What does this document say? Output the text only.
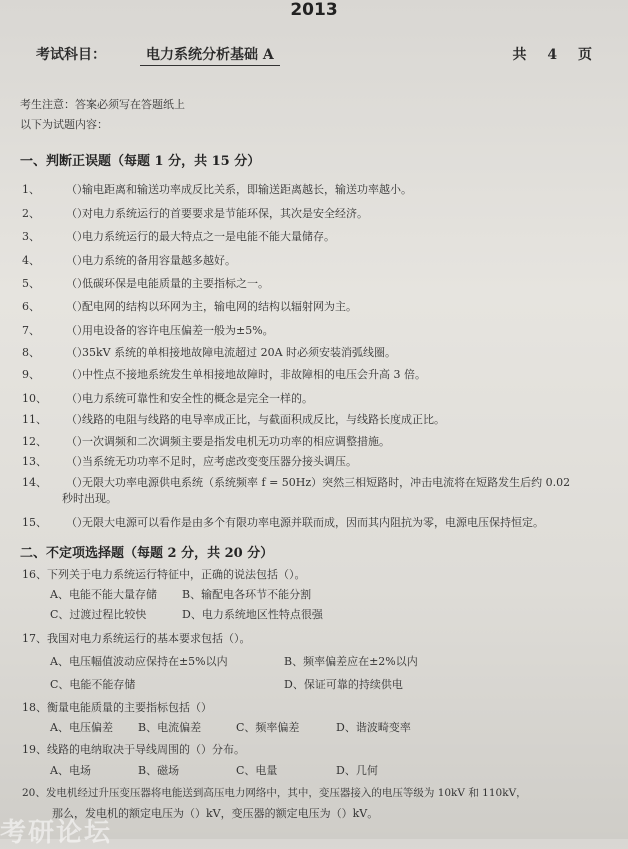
2013
考试科目：	电力系统分析基础 A	共 4 页
考生注意：答案必须写在答题纸上
以下为试题内容：
一、判断正误题（每题 1 分，共 15 分）
1、 （）输电距离和输送功率成反比关系，即输送距离越长，输送功率越小。
2、 （）对电力系统运行的首要要求是节能环保，其次是安全经济。
3、 （）电力系统运行的最大特点之一是电能不能大量储存。
4、 （）电力系统的备用容量越多越好。
5、 （）低碳环保是电能质量的主要指标之一。
6、 （）配电网的结构以环网为主，输电网的结构以辐射网为主。
7、 （）用电设备的容许电压偏差一般为±5%。
8、 （）35kV 系统的单相接地故障电流超过 20A 时必须安装消弧线圈。
9、 （）中性点不接地系统发生单相接地故障时，非故障相的电压会升高 3 倍。
10、 （）电力系统可靠性和安全性的概念是完全一样的。
11、 （）线路的电阻与线路的电导率成正比，与截面积成反比，与线路长度成正比。
12、 （）一次调频和二次调频主要是指发电机无功功率的相应调整措施。
13、 （）当系统无功功率不足时，应考虑改变变压器分接头调压。
14、 （）无限大功率电源供电系统（系统频率 f = 50Hz）突然三相短路时，冲击电流将在短路发生后约 0.02
15、 （）无限大电源可以看作是由多个有限功率电源并联而成，因而其内阻抗为零，电源电压保持恒定。
秒时出现。
二、不定项选择题（每题 2 分，共 20 分）
16、下列关于电力系统运行特征中，正确的说法包括（）。
A、电能不能大量存储 B、输配电各环节不能分割
C、过渡过程比较快	D、电力系统地区性特点很强
17、我国对电力系统运行的基本要求包括（）。
A、电压幅值波动应保持在±5%以内	B、频率偏差应在±2%以内
C、电能不能存储	D、保证可靠的持续供电
18、衡量电能质量的主要指标包括（）
A、电压偏差 B、电流偏差	C、频率偏差	D、谐波畸变率
19、线路的电纳取决于导线周围的（）分布。
A、电场	B、磁场	C、电量	D、几何
20、发电机经过升压变压器将电能送到高压电力网络中，其中，变压器接入的电压等级为 10kV 和 110kV，
那么，发电机的额定电压为（）kV，变压器的额定电压为（）kV。
考研论坛
